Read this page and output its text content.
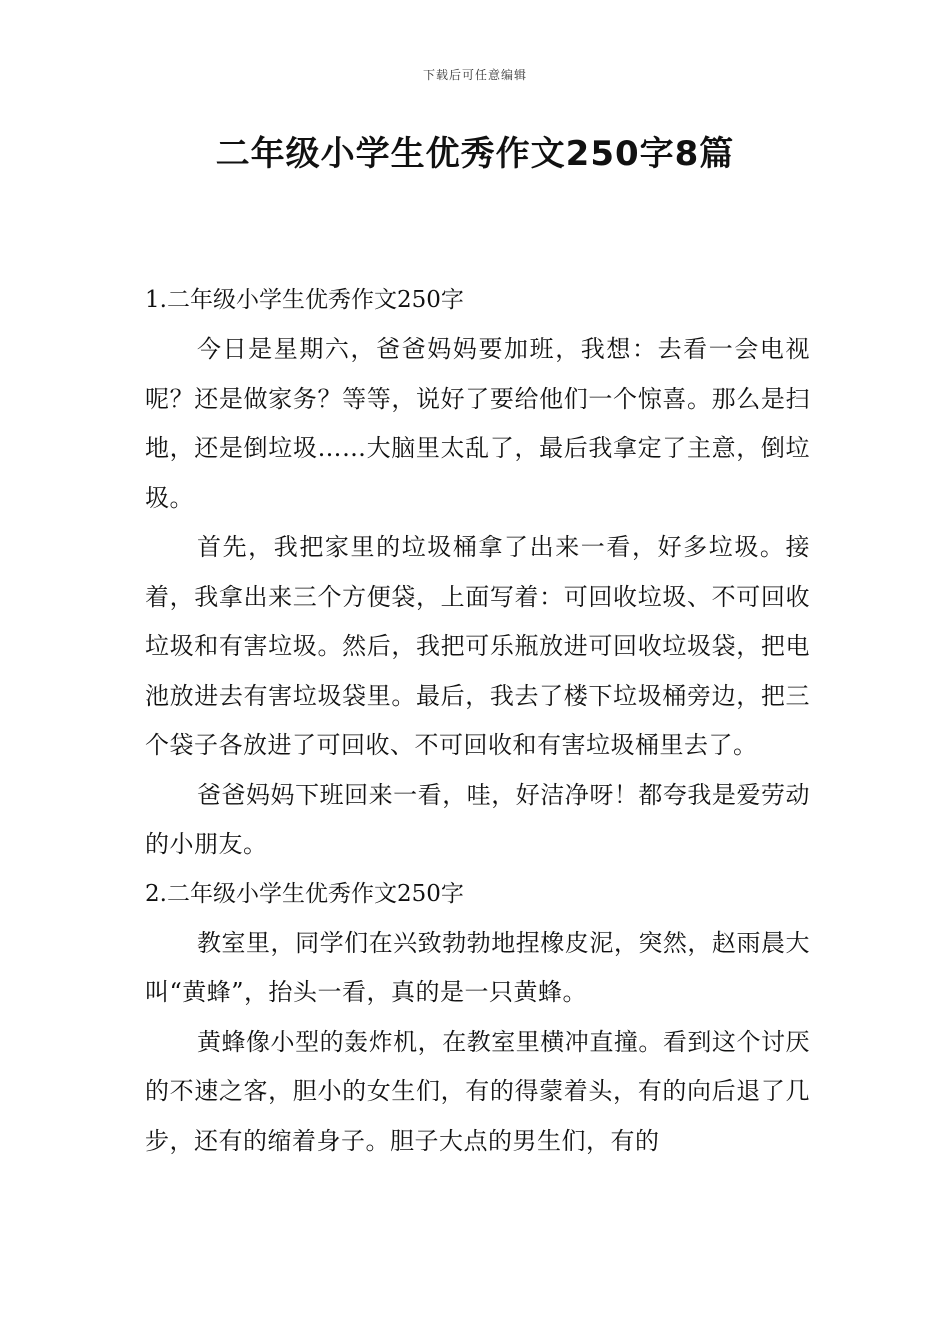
下载后可任意编辑
二年级小学生优秀作文250字8篇
1.二年级小学生优秀作文250字

今日是星期六，爸爸妈妈要加班，我想：去看一会电视呢？还是做家务？等等，说好了要给他们一个惊喜。那么是扫地，还是倒垃圾……大脑里太乱了，最后我拿定了主意，倒垃圾。

首先，我把家里的垃圾桶拿了出来一看，好多垃圾。接着，我拿出来三个方便袋，上面写着：可回收垃圾、不可回收垃圾和有害垃圾。然后，我把可乐瓶放进可回收垃圾袋，把电池放进去有害垃圾袋里。最后，我去了楼下垃圾桶旁边，把三个袋子各放进了可回收、不可回收和有害垃圾桶里去了。

爸爸妈妈下班回来一看，哇，好洁净呀！都夸我是爱劳动的小朋友。

2.二年级小学生优秀作文250字

教室里，同学们在兴致勃勃地捏橡皮泥，突然，赵雨晨大叫“黄蜂”，抬头一看，真的是一只黄蜂。

黄蜂像小型的轰炸机，在教室里横冲直撞。看到这个讨厌的不速之客，胆小的女生们，有的得蒙着头，有的向后退了几步，还有的缩着身子。胆子大点的男生们，有的
